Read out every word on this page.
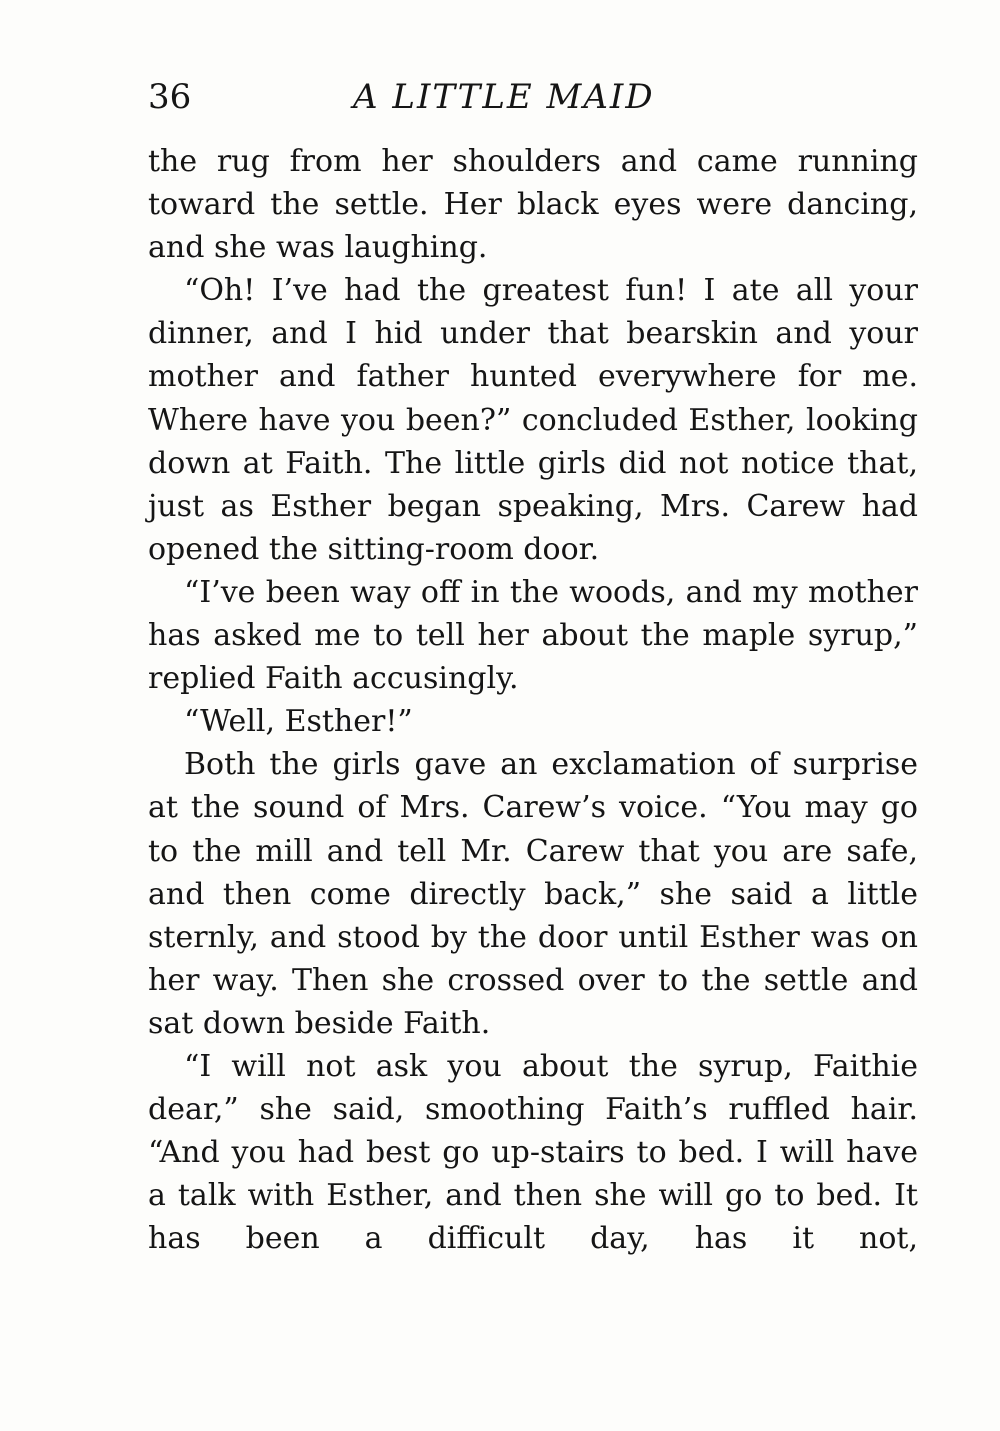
36	A LITTLE MAID

the rug from her shoulders and came running toward the settle. Her black eyes were dancing, and she was laughing.

“Oh! I’ve had the greatest fun! I ate all your dinner, and I hid under that bearskin and your mother and father hunted everywhere for me. Where have you been?” concluded Esther, looking down at Faith. The little girls did not notice that, just as Esther began speaking, Mrs. Carew had opened the sitting-room door.

“I’ve been way off in the woods, and my mother has asked me to tell her about the maple syrup,” replied Faith accusingly.

“Well, Esther!”

Both the girls gave an exclamation of surprise at the sound of Mrs. Carew’s voice. “You may go to the mill and tell Mr. Carew that you are safe, and then come directly back,” she said a little sternly, and stood by the door until Esther was on her way. Then she crossed over to the settle and sat down beside Faith.

“I will not ask you about the syrup, Faithie dear,” she said, smoothing Faith’s ruffled hair. “And you had best go up-stairs to bed. I will have a talk with Esther, and then she will go to bed. It has been a difficult day, has it not,
